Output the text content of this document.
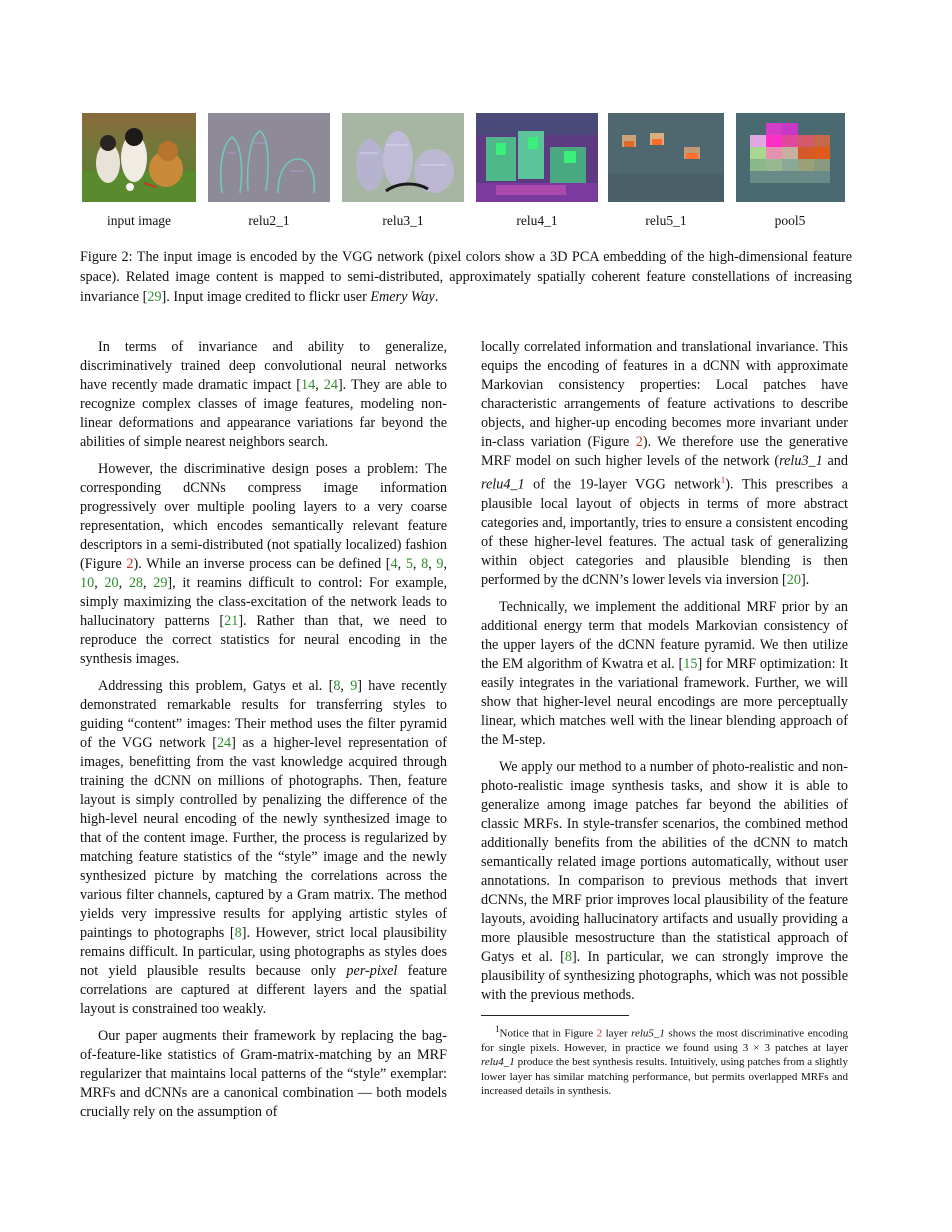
input image	relu2_1	relu3_1	relu4_1	relu5_1	pool5
Figure 2: The input image is encoded by the VGG network (pixel colors show a 3D PCA embedding of the high-dimensional feature space). Related image content is mapped to semi-distributed, approximately spatially coherent feature constellations of increasing invariance [29]. Input image credited to flickr user Emery Way.

In terms of invariance and ability to generalize, discriminatively trained deep convolutional neural networks have recently made dramatic impact [14, 24]. They are able to recognize complex classes of image features, modeling non-linear deformations and appearance variations far beyond the abilities of simple nearest neighbors search.

However, the discriminative design poses a problem: The corresponding dCNNs compress image information progressively over multiple pooling layers to a very coarse representation, which encodes semantically relevant feature descriptors in a semi-distributed (not spatially localized) fashion (Figure 2). While an inverse process can be defined [4, 5, 8, 9, 10, 20, 28, 29], it reamins difficult to control: For example, simply maximizing the class-excitation of the network leads to hallucinatory patterns [21]. Rather than that, we need to reproduce the correct statistics for neural encoding in the synthesis images.

Addressing this problem, Gatys et al. [8, 9] have recently demonstrated remarkable results for transferring styles to guiding “content” images: Their method uses the filter pyramid of the VGG network [24] as a higher-level representation of images, benefitting from the vast knowledge acquired through training the dCNN on millions of photographs. Then, feature layout is simply controlled by penalizing the difference of the high-level neural encoding of the newly synthesized image to that of the content image. Further, the process is regularized by matching feature statistics of the “style” image and the newly synthesized picture by matching the correlations across the various filter channels, captured by a Gram matrix. The method yields very impressive results for applying artistic styles of paintings to photographs [8]. However, strict local plausibility remains difficult. In particular, using photographs as styles does not yield plausible results because only per-pixel feature correlations are captured at different layers and the spatial layout is constrained too weakly.

Our paper augments their framework by replacing the bag-of-feature-like statistics of Gram-matrix-matching by an MRF regularizer that maintains local patterns of the “style” exemplar: MRFs and dCNNs are a canonical combination — both models crucially rely on the assumption of

locally correlated information and translational invariance. This equips the encoding of features in a dCNN with approximate Markovian consistency properties: Local patches have characteristic arrangements of feature activations to describe objects, and higher-up encoding becomes more invariant under in-class variation (Figure 2). We therefore use the generative MRF model on such higher levels of the network (relu3_1 and relu4_1 of the 19-layer VGG network$^1$). This prescribes a plausible local layout of objects in terms of more abstract categories and, importantly, tries to ensure a consistent encoding of these higher-level features. The actual task of generalizing within object categories and plausible blending is then performed by the dCNN’s lower levels via inversion [20].

Technically, we implement the additional MRF prior by an additional energy term that models Markovian consistency of the upper layers of the dCNN feature pyramid. We then utilize the EM algorithm of Kwatra et al. [15] for MRF optimization: It easily integrates in the variational framework. Further, we will show that higher-level neural encodings are more perceptually linear, which matches well with the linear blending approach of the M-step.

We apply our method to a number of photo-realistic and non-photo-realistic image synthesis tasks, and show it is able to generalize among image patches far beyond the abilities of classic MRFs. In style-transfer scenarios, the combined method additionally benefits from the abilities of the dCNN to match semantically related image portions automatically, without user annotations. In comparison to previous methods that invert dCNNs, the MRF prior improves local plausibility of the feature layouts, avoiding hallucinatory artifacts and usually providing a more plausible mesostructure than the statistical approach of Gatys et al. [8]. In particular, we can strongly improve the plausibility of synthesizing photographs, which was not possible with the previous methods.

$^1$Notice that in Figure 2 layer relu5_1 shows the most discriminative encoding for single pixels. However, in practice we found using 3 × 3 patches at layer relu4_1 produce the best synthesis results. Intuitively, using patches from a slightly lower layer has similar matching performance, but permits overlapped MRFs and increased details in synthesis.
